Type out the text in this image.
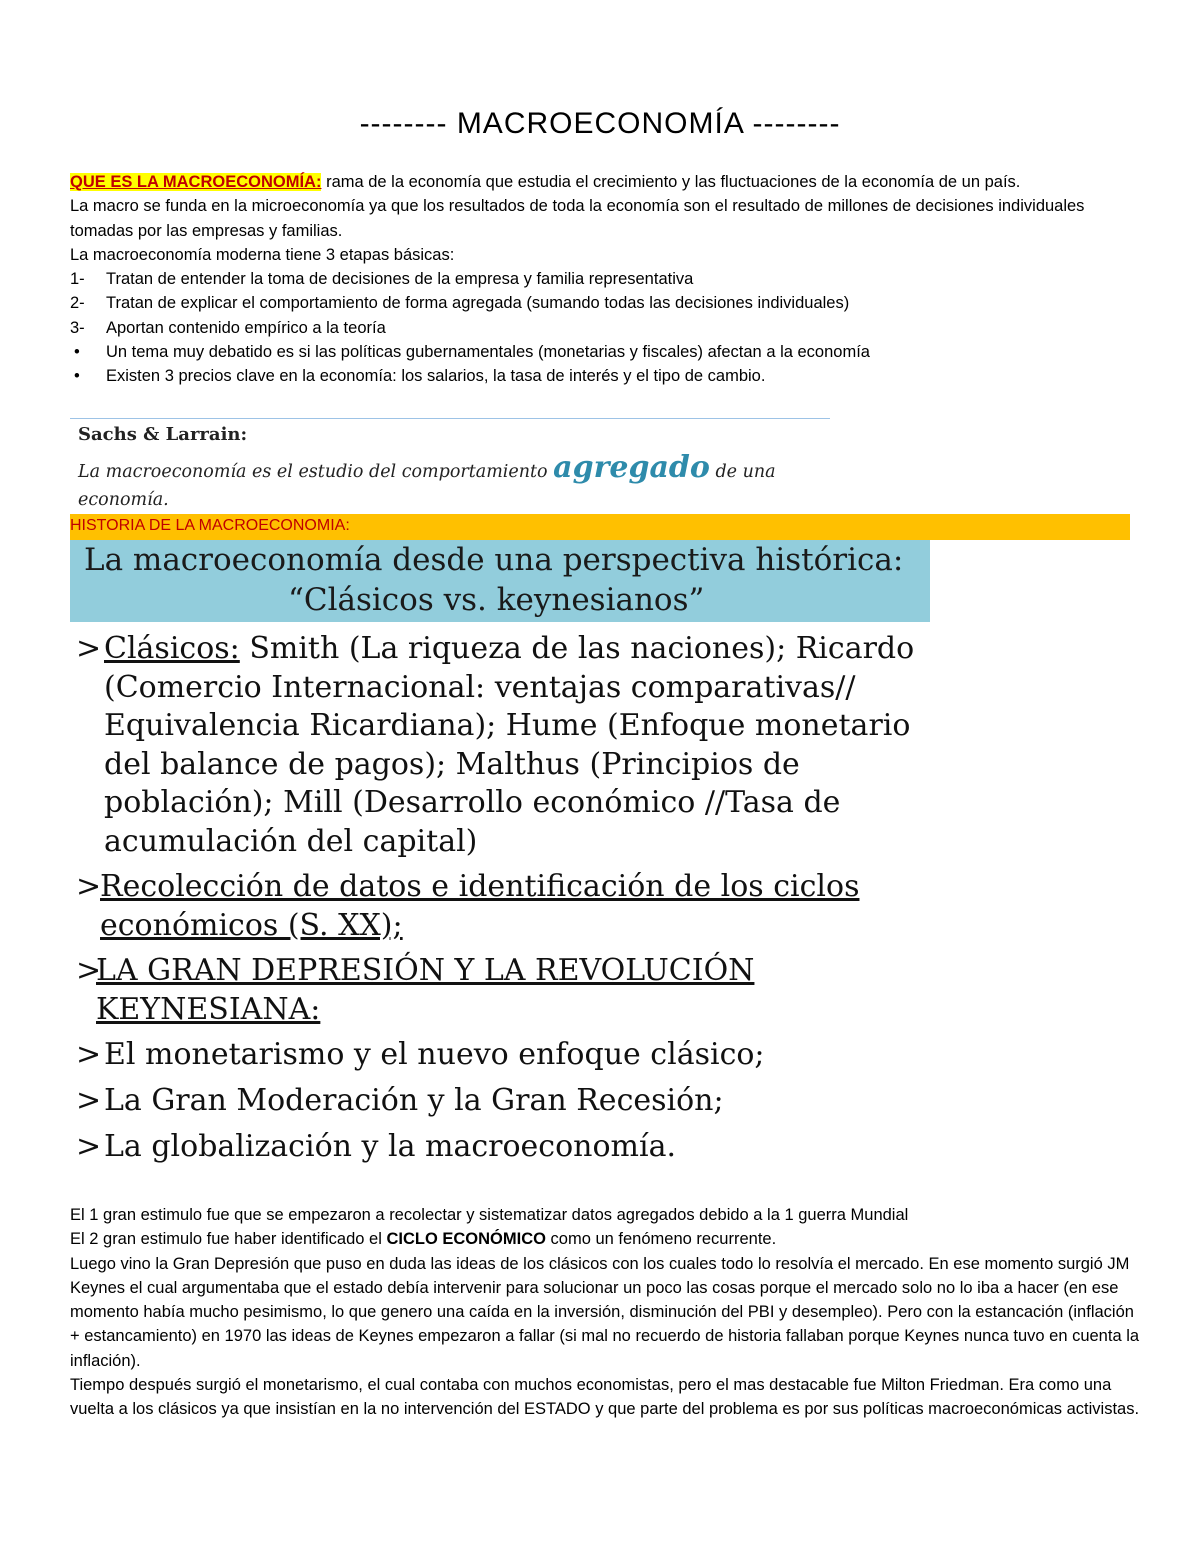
-------- MACROECONOMÍA --------

QUE ES LA MACROECONOMÍA: rama de la economía que estudia el crecimiento y las fluctuaciones de la economía de un país.

La macro se funda en la microeconomía ya que los resultados de toda la economía son el resultado de millones de decisiones individuales tomadas por las empresas y familias.

La macroeconomía moderna tiene 3 etapas básicas:

1- Tratan de entender la toma de decisiones de la empresa y familia representativa
2- Tratan de explicar el comportamiento de forma agregada (sumando todas las decisiones individuales)
3- Aportan contenido empírico a la teoría
• Un tema muy debatido es si las políticas gubernamentales (monetarias y fiscales) afectan a la economía
• Existen 3 precios clave en la economía: los salarios, la tasa de interés y el tipo de cambio.
Sachs & Larrain:
La macroeconomía es el estudio del comportamiento agregado de una economía.
HISTORIA DE LA MACROECONOMIA:
La macroeconomía desde una perspectiva histórica:
“Clásicos vs. keynesianos”
> Clásicos: Smith (La riqueza de las naciones); Ricardo (Comercio Internacional: ventajas comparativas// Equivalencia Ricardiana); Hume (Enfoque monetario del balance de pagos); Malthus (Principios de población); Mill (Desarrollo económico //Tasa de acumulación del capital)
>
Recolección de datos e identificación de los ciclos económicos (S. XX);
>
LA GRAN DEPRESIÓN Y LA REVOLUCIÓN KEYNESIANA:
> El monetarismo y el nuevo enfoque clásico;
> La Gran Moderación y la Gran Recesión;
> La globalización y la macroeconomía.

El 1 gran estimulo fue que se empezaron a recolectar y sistematizar datos agregados debido a la 1 guerra Mundial

El 2 gran estimulo fue haber identificado el CICLO ECONÓMICO como un fenómeno recurrente.

Luego vino la Gran Depresión que puso en duda las ideas de los clásicos con los cuales todo lo resolvía el mercado. En ese momento surgió JM Keynes el cual argumentaba que el estado debía intervenir para solucionar un poco las cosas porque el mercado solo no lo iba a hacer (en ese momento había mucho pesimismo, lo que genero una caída en la inversión, disminución del PBI y desempleo). Pero con la estancación (inflación + estancamiento) en 1970 las ideas de Keynes empezaron a fallar (si mal no recuerdo de historia fallaban porque Keynes nunca tuvo en cuenta la inflación).

Tiempo después surgió el monetarismo, el cual contaba con muchos economistas, pero el mas destacable fue Milton Friedman. Era como una vuelta a los clásicos ya que insistían en la no intervención del ESTADO y que parte del problema es por sus políticas macroeconómicas activistas.
